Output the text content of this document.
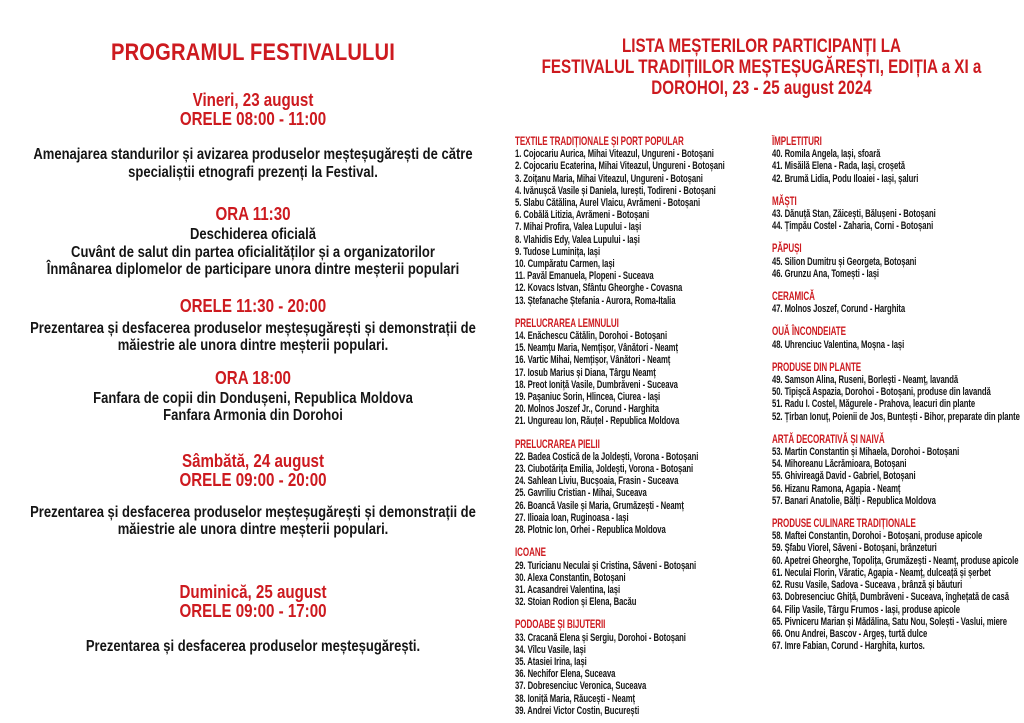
PROGRAMUL FESTIVALULUI
Vineri, 23 august
ORELE 08:00 - 11:00
Amenajarea standurilor și avizarea produselor meșteșugărești de către specialiștii etnografi prezenți la Festival.
ORA 11:30
Deschiderea oficială
Cuvânt de salut din partea oficialităților și a organizatorilor
Înmânarea diplomelor de participare unora dintre meșterii populari
ORELE 11:30 - 20:00
Prezentarea și desfacerea produselor meșteșugărești și demonstrații de măiestrie ale unora dintre meșterii populari.
ORA 18:00
Fanfara de copii din Dondușeni, Republica Moldova
Fanfara Armonia din Dorohoi
Sâmbătă, 24 august
ORELE 09:00 - 20:00
Prezentarea și desfacerea produselor meșteșugărești și demonstrații de măiestrie ale unora dintre meșterii populari.
Duminică, 25 august
ORELE 09:00 - 17:00
Prezentarea și desfacerea produselor meșteșugărești.
LISTA MEȘTERILOR PARTICIPANȚI LA
FESTIVALUL TRADIȚIILOR MEȘTEȘUGĂREȘTI, EDIȚIA a XI a
DOROHOI, 23 - 25 august 2024
TEXTILE TRADIȚIONALE ȘI PORT POPULAR
1. Cojocariu Aurica, Mihai Viteazul, Ungureni - Botoșani
2. Cojocariu Ecaterina, Mihai Viteazul, Ungureni - Botoșani
3. Zoițanu Maria, Mihai Viteazul, Ungureni - Botoșani
4. Ivănușcă Vasile și Daniela, Iurești, Todireni - Botoșani
5. Slabu Cătălina, Aurel Vlaicu, Avrămeni - Botoșani
6. Cobălă Litizia, Avrămeni - Botoșani
7. Mihai Profira, Valea Lupului - Iași
8. Vlahidis Edy, Valea Lupului - Iași
9. Tudose Luminița, Iași
10. Cumpăratu Carmen, Iași
11. Pavăl Emanuela, Plopeni - Suceava
12. Kovacs Istvan, Sfântu Gheorghe - Covasna
13. Ștefanache Ștefania - Aurora, Roma-Italia
PRELUCRAREA LEMNULUI
14. Enăchescu Cătălin, Dorohoi - Botoșani
15. Neamțu Maria, Nemțișor, Vânători - Neamț
16. Vartic Mihai, Nemțișor, Vânători - Neamț
17. Iosub Marius și Diana, Târgu Neamț
18. Preot Ioniță Vasile, Dumbrăveni - Suceava
19. Pașaniuc Sorin, Hlincea, Ciurea - Iași
20. Molnos Joszef Jr., Corund - Harghita
21. Ungureau Ion, Răuțel - Republica Moldova
PRELUCRAREA PIELII
22. Badea Costică de la Joldești, Vorona - Botoșani
23. Ciubotărița Emilia, Joldești, Vorona - Botoșani
24. Sahlean Liviu, Bucșoaia, Frasin - Suceava
25. Gavriliu Cristian - Mihai, Suceava
26. Boancă Vasile și Maria, Grumăzești - Neamț
27. Ilioaia Ioan, Ruginoasa - Iași
28. Plotnic Ion, Orhei - Republica Moldova
ICOANE
29. Turicianu Neculai și Cristina, Săveni - Botoșani
30. Alexa Constantin, Botoșani
31. Acasandrei Valentina, Iași
32. Stoian Rodion și Elena, Bacău
PODOABE ȘI BIJUTERII
33. Cracană Elena și Sergiu, Dorohoi - Botoșani
34. Vîlcu Vasile, Iași
35. Atasiei Irina, Iași
36. Nechifor Elena, Suceava
37. Dobresenciuc Veronica, Suceava
38. Ioniță Maria, Răucești - Neamț
39. Andrei Victor Costin, București
ÎMPLETITURI
40. Romila Angela, Iași, sfoară
41. Misăilă Elena - Rada, Iași, croșetă
42. Brumă Lidia, Podu Iloaiei - Iași, șaluri
MĂȘTI
43. Dănuță Stan, Zăicești, Bălușeni - Botoșani
44. Țimpău Costel - Zaharia, Corni - Botoșani
PĂPUȘI
45. Silion Dumitru și Georgeta, Botoșani
46. Grunzu Ana, Tomești - Iași
CERAMICĂ
47. Molnos Joszef, Corund - Harghita
OUĂ ÎNCONDEIATE
48. Uhrenciuc Valentina, Moșna - Iași
PRODUSE DIN PLANTE
49. Samson Alina, Ruseni, Borlești - Neamț, lavandă
50. Tipișcă Aspazia, Dorohoi - Botoșani, produse din lavandă
51. Radu I. Costel, Măgurele - Prahova, leacuri din plante
52. Țirban Ionuț, Poienii de Jos, Buntești - Bihor, preparate din plante
ARTĂ DECORATIVĂ ȘI NAIVĂ
53. Martin Constantin și Mihaela, Dorohoi - Botoșani
54. Mihoreanu Lăcrămioara, Botoșani
55. Ghivireagă David - Gabriel, Botoșani
56. Hizanu Ramona, Agapia - Neamț
57. Banari Anatolie, Bălți - Republica Moldova
PRODUSE CULINARE TRADIȚIONALE
58. Maftei Constantin, Dorohoi - Botoșani, produse apicole
59. Șfabu Viorel, Săveni - Botoșani, brânzeturi
60. Apetrei Gheorghe, Topolița, Grumăzești - Neamț, produse apicole
61. Neculai Florin, Văratic, Agapia - Neamț, dulceață și șerbet
62. Rusu Vasile, Sadova - Suceava , brânză și băuturi
63. Dobresenciuc Ghiță, Dumbrăveni - Suceava, înghețată de casă
64. Filip Vasile, Târgu Frumos - Iași, produse apicole
65. Pivniceru Marian și Mădălina, Satu Nou, Solești - Vaslui, miere
66. Onu Andrei, Bascov - Argeș, turtă dulce
67. Imre Fabian, Corund - Harghita, kurtos.
